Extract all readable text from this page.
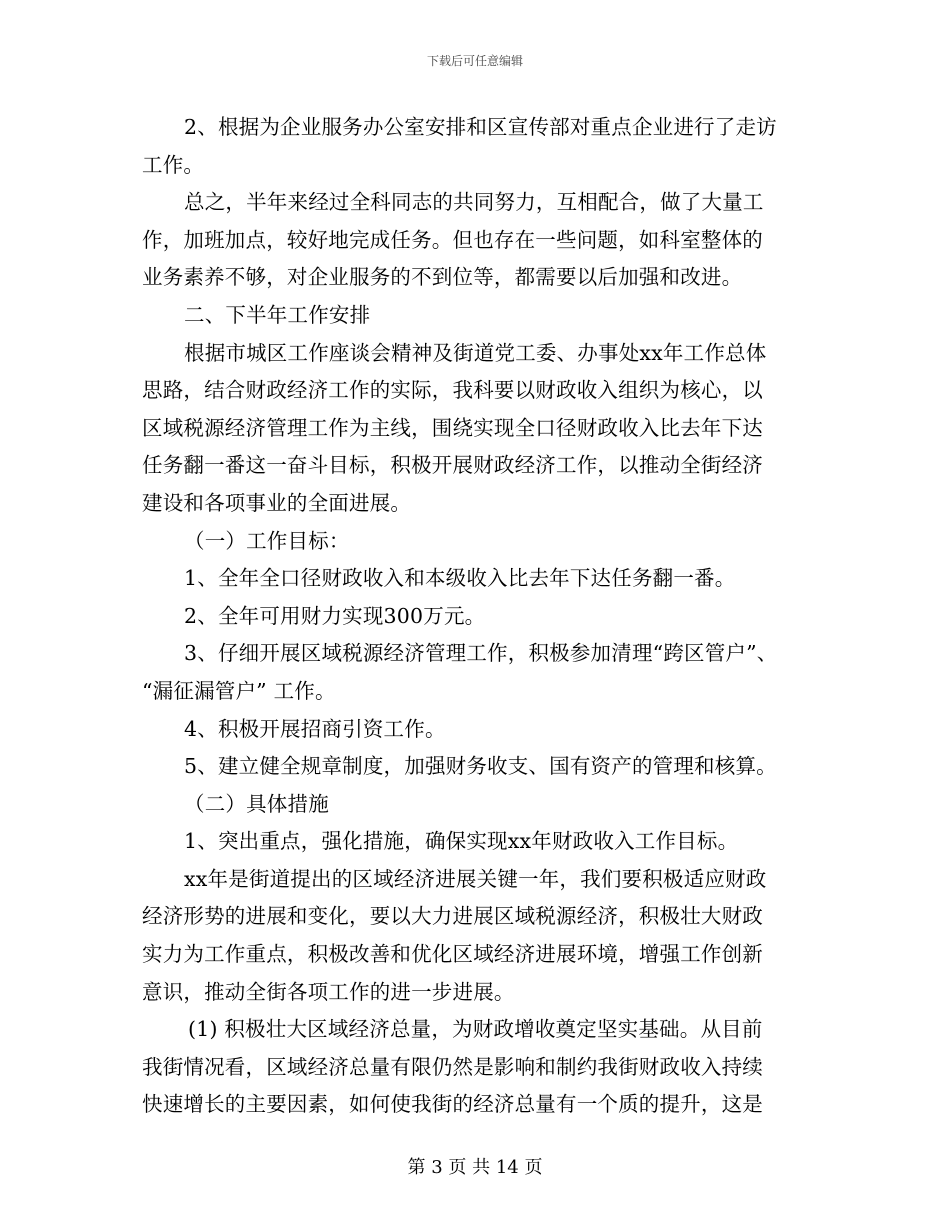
下载后可任意编辑

2、根据为企业服务办公室安排和区宣传部对重点企业进行了走访

工作。

总之，半年来经过全科同志的共同努力，互相配合，做了大量工

作，加班加点，较好地完成任务。但也存在一些问题，如科室整体的

业务素养不够，对企业服务的不到位等，都需要以后加强和改进。

二、下半年工作安排

根据市城区工作座谈会精神及街道党工委、办事处xx年工作总体

思路，结合财政经济工作的实际，我科要以财政收入组织为核心，以

区域税源经济管理工作为主线，围绕实现全口径财政收入比去年下达

任务翻一番这一奋斗目标，积极开展财政经济工作，以推动全街经济

建设和各项事业的全面进展。

（一）工作目标：

1、全年全口径财政收入和本级收入比去年下达任务翻一番。

2、全年可用财力实现300万元。

3、仔细开展区域税源经济管理工作，积极参加清理“跨区管户”、

“漏征漏管户” 工作。

4、积极开展招商引资工作。

5、建立健全规章制度，加强财务收支、国有资产的管理和核算。

（二）具体措施

1、突出重点，强化措施，确保实现xx年财政收入工作目标。

xx年是街道提出的区域经济进展关键一年，我们要积极适应财政

经济形势的进展和变化，要以大力进展区域税源经济，积极壮大财政

实力为工作重点，积极改善和优化区域经济进展环境，增强工作创新

意识，推动全街各项工作的进一步进展。

(1) 积极壮大区域经济总量，为财政增收奠定坚实基础。从目前

我街情况看，区域经济总量有限仍然是影响和制约我街财政收入持续

快速增长的主要因素，如何使我街的经济总量有一个质的提升，这是

第 3 页 共 14 页
